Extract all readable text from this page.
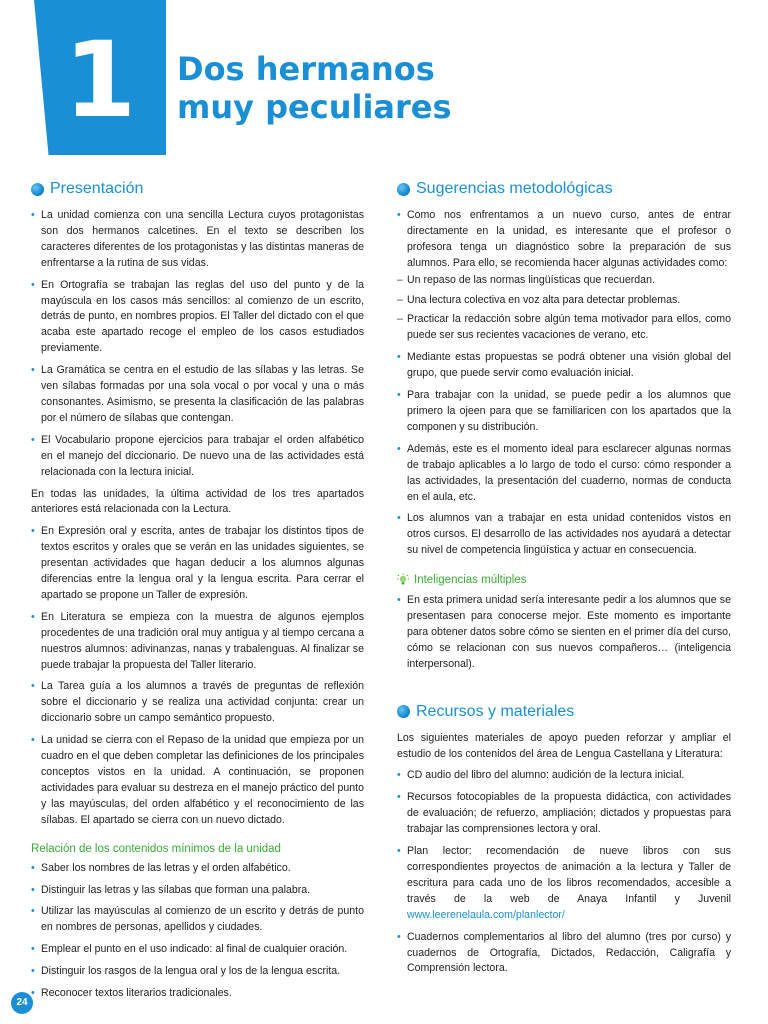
1	Dos hermanos
muy peculiares
Presentación
• La unidad comienza con una sencilla Lectura cuyos protagonistas son dos hermanos calcetines. En el texto se describen los caracteres diferentes de los protagonistas y las distintas maneras de enfrentarse a la rutina de sus vidas.
• En Ortografía se trabajan las reglas del uso del punto y de la mayúscula en los casos más sencillos: al comienzo de un escrito, detrás de punto, en nombres propios. El Taller del dictado con el que acaba este apartado recoge el empleo de los casos estudiados previamente.
• La Gramática se centra en el estudio de las sílabas y las letras. Se ven sílabas formadas por una sola vocal o por vocal y una o más consonantes. Asimismo, se presenta la clasificación de las palabras por el número de sílabas que contengan.
• El Vocabulario propone ejercicios para trabajar el orden alfabético en el manejo del diccionario. De nuevo una de las actividades está relacionada con la lectura inicial.

En todas las unidades, la última actividad de los tres apartados anteriores está relacionada con la Lectura.

• En Expresión oral y escrita, antes de trabajar los distintos tipos de textos escritos y orales que se verán en las unidades siguientes, se presentan actividades que hagan deducir a los alumnos algunas diferencias entre la lengua oral y la lengua escrita. Para cerrar el apartado se propone un Taller de expresión.
• En Literatura se empieza con la muestra de algunos ejemplos procedentes de una tradición oral muy antigua y al tiempo cercana a nuestros alumnos: adivinanzas, nanas y trabalenguas. Al finalizar se puede trabajar la propuesta del Taller literario.
• La Tarea guía a los alumnos a través de preguntas de reflexión sobre el diccionario y se realiza una actividad conjunta: crear un diccionario sobre un campo semántico propuesto.
• La unidad se cierra con el Repaso de la unidad que empieza por un cuadro en el que deben completar las definiciones de los principales conceptos vistos en la unidad. A continuación, se proponen actividades para evaluar su destreza en el manejo práctico del punto y las mayúsculas, del orden alfabético y el reconocimiento de las sílabas. El apartado se cierra con un nuevo dictado.
Relación de los contenidos mínimos de la unidad
• Saber los nombres de las letras y el orden alfabético.
• Distinguir las letras y las sílabas que forman una palabra.
• Utilizar las mayúsculas al comienzo de un escrito y detrás de punto en nombres de personas, apellidos y ciudades.
• Emplear el punto en el uso indicado: al final de cualquier oración.
• Distinguir los rasgos de la lengua oral y los de la lengua escrita.
• Reconocer textos literarios tradicionales.
Sugerencias metodológicas
• Como nos enfrentamos a un nuevo curso, antes de entrar directamente en la unidad, es interesante que el profesor o profesora tenga un diagnóstico sobre la preparación de sus alumnos. Para ello, se recomienda hacer algunas actividades como:
– Un repaso de las normas lingüísticas que recuerdan.
– Una lectura colectiva en voz alta para detectar problemas.
– Practicar la redacción sobre algún tema motivador para ellos, como puede ser sus recientes vacaciones de verano, etc.
• Mediante estas propuestas se podrá obtener una visión global del grupo, que puede servir como evaluación inicial.
• Para trabajar con la unidad, se puede pedir a los alumnos que primero la ojeen para que se familiaricen con los apartados que la componen y su distribución.
• Además, este es el momento ideal para esclarecer algunas normas de trabajo aplicables a lo largo de todo el curso: cómo responder a las actividades, la presentación del cuaderno, normas de conducta en el aula, etc.
• Los alumnos van a trabajar en esta unidad contenidos vistos en otros cursos. El desarrollo de las actividades nos ayudará a detectar su nivel de competencia lingüística y actuar en consecuencia.
Inteligencias múltiples
• En esta primera unidad sería interesante pedir a los alumnos que se presentasen para conocerse mejor. Este momento es importante para obtener datos sobre cómo se sienten en el primer día del curso, cómo se relacionan con sus nuevos compañeros… (inteligencia interpersonal).
Recursos y materiales

Los siguientes materiales de apoyo pueden reforzar y ampliar el estudio de los contenidos del área de Lengua Castellana y Literatura:

• CD audio del libro del alumno: audición de la lectura inicial.
• Recursos fotocopiables de la propuesta didáctica, con actividades de evaluación; de refuerzo, ampliación; dictados y propuestas para trabajar las comprensiones lectora y oral.
• Plan lector: recomendación de nueve libros con sus correspondientes proyectos de animación a la lectura y Taller de escritura para cada uno de los libros recomendados, accesible a través de la web de Anaya Infantil y Juvenil www.leerenelaula.com/planlector/
• Cuadernos complementarios al libro del alumno (tres por curso) y cuadernos de Ortografía, Dictados, Redacción, Caligrafía y Comprensión lectora.
24
